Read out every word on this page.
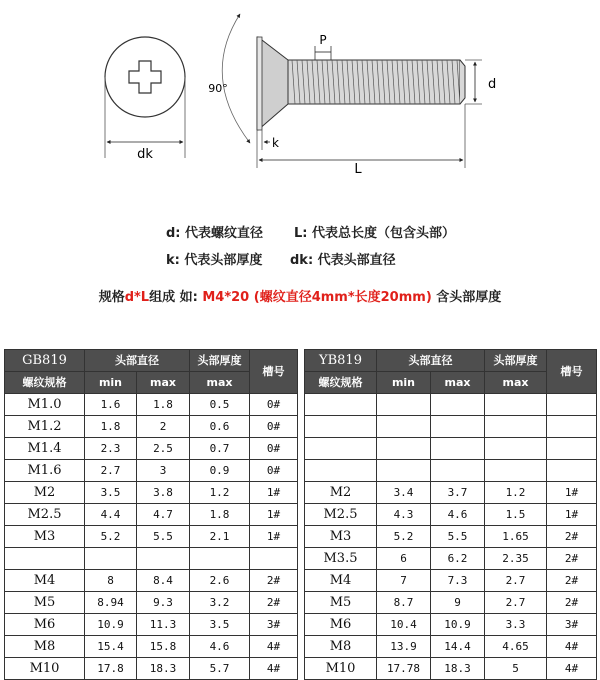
dk
90°
P
d
k
L
d: 代表螺纹直径 L: 代表总长度（包含头部）
k: 代表头部厚度 dk: 代表头部直径
规格d*L组成 如: M4*20 (螺纹直径4mm*长度20mm) 含头部厚度
GB819	头部直径		头部厚度	槽号
螺纹规格	min	max	max	
M1.0	1.6	1.8	0.5	0#
M1.2	1.8	2	0.6	0#
M1.4	2.3	2.5	0.7	0#
M1.6	2.7	3	0.9	0#
M2	3.5	3.8	1.2	1#
M2.5	4.4	4.7	1.8	1#
M3	5.2	5.5	2.1	1#

M4	8	8.4	2.6	2#
M5	8.94	9.3	3.2	2#
M6	10.9	11.3	3.5	3#
M8	15.4	15.8	4.6	4#
M10	17.8	18.3	5.7	4#
YB819	头部直径		头部厚度	槽号
螺纹规格	min	max	max	

M2	3.4	3.7	1.2	1#
M2.5	4.3	4.6	1.5	1#
M3	5.2	5.5	1.65	2#
M3.5	6	6.2	2.35	2#
M4	7	7.3	2.7	2#
M5	8.7	9	2.7	2#
M6	10.4	10.9	3.3	3#
M8	13.9	14.4	4.65	4#
M10	17.78	18.3	5	4#
